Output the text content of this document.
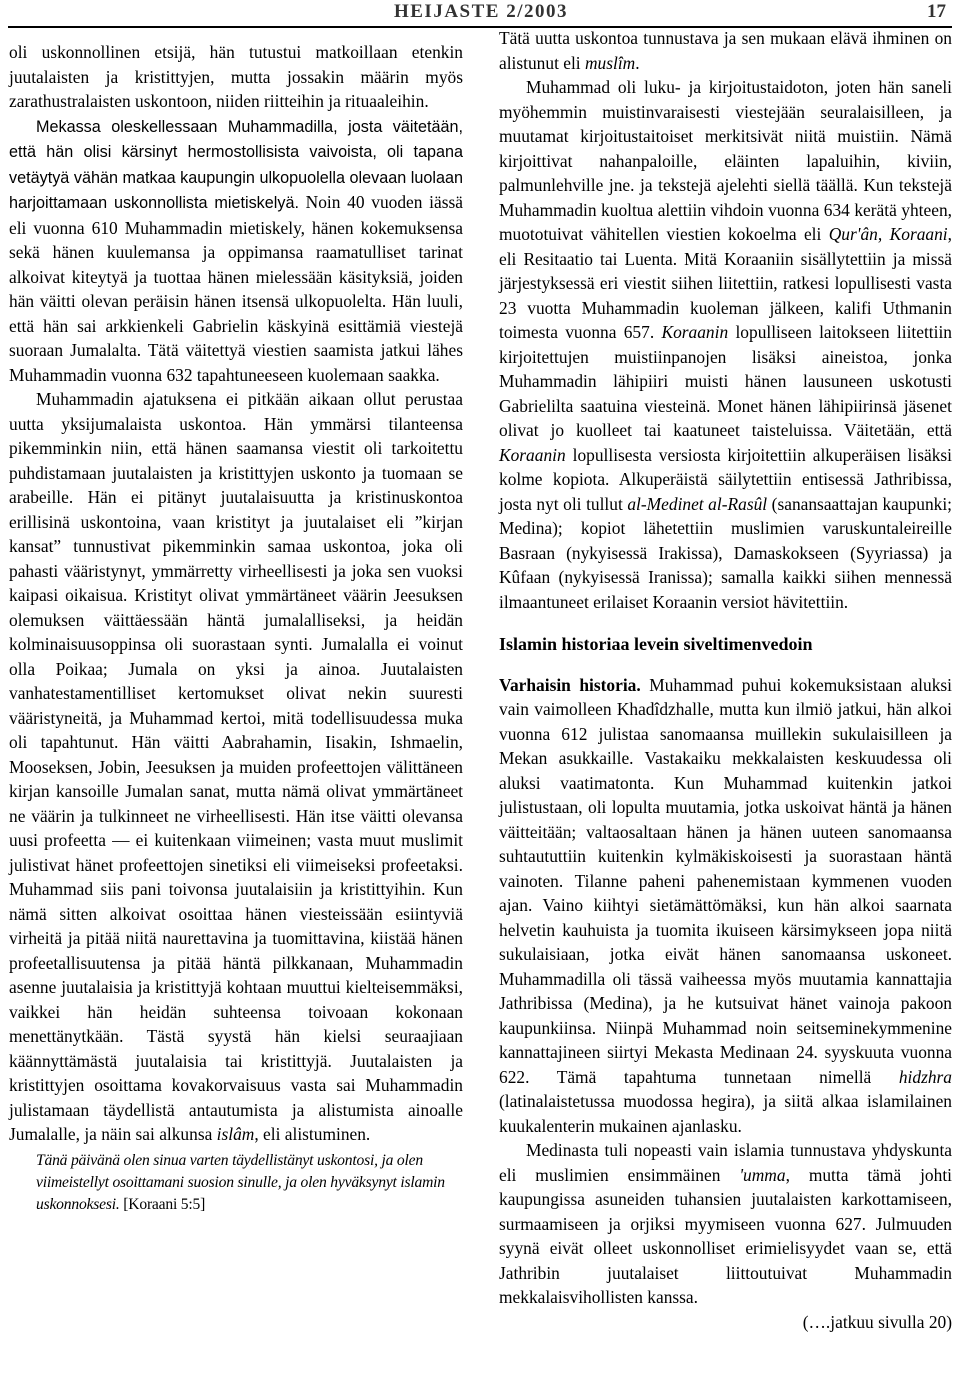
HEIJASTE 2/2003	17

oli uskonnollinen etsijä, hän tutustui matkoillaan etenkin juutalaisten ja kristittyjen, mutta jossakin määrin myös zarathustralaisten uskontoon, niiden riitteihin ja rituaaleihin.

Mekassa oleskellessaan Muhammadilla, josta väitetään, että hän olisi kärsinyt hermostollisista vaivoista, oli tapana vetäytyä vähän matkaa kaupungin ulkopuolella olevaan luolaan harjoittamaan uskonnollista mietiskelyä. Noin 40 vuoden iässä eli vuonna 610 Muhammadin mietiskely, hänen kokemuksensa sekä hänen kuulemansa ja oppimansa raamatulliset tarinat alkoivat kiteytyä ja tuottaa hänen mielessään käsityksiä, joiden hän väitti olevan peräisin hänen itsensä ulkopuolelta. Hän luuli, että hän sai arkkienkeli Gabrielin käskyinä esittämiä viestejä suoraan Jumalalta. Tätä väitettyä viestien saamista jatkui lähes Muhammadin vuonna 632 tapahtuneeseen kuolemaan saakka.

Muhammadin ajatuksena ei pitkään aikaan ollut perustaa uutta yksijumalaista uskontoa. Hän ymmärsi tilanteensa pikemminkin niin, että hänen saamansa viestit oli tarkoitettu puhdistamaan juutalaisten ja kristittyjen uskonto ja tuomaan se arabeille. Hän ei pitänyt juutalaisuutta ja kristinuskontoa erillisinä uskontoina, vaan kristityt ja juutalaiset eli ”kirjan kansat” tunnustivat pikemminkin samaa uskontoa, joka oli pahasti vääristynyt, ymmärretty virheellisesti ja joka sen vuoksi kaipasi oikaisua. Kristityt olivat ymmärtäneet väärin Jeesuksen olemuksen väittäessään häntä jumalalliseksi, ja heidän kolminaisuusoppinsa oli suorastaan synti. Jumalalla ei voinut olla Poikaa; Jumala on yksi ja ainoa. Juutalaisten vanhatestamentilliset kertomukset olivat nekin suuresti vääristyneitä, ja Muhammad kertoi, mitä todellisuudessa muka oli tapahtunut. Hän väitti Aabrahamin, Iisakin, Ishmaelin, Mooseksen, Jobin, Jeesuksen ja muiden profeettojen välittäneen kirjan kansoille Jumalan sanat, mutta nämä olivat ymmärtäneet ne väärin ja tulkinneet ne virheellisesti. Hän itse väitti olevansa uusi profeetta — ei kuitenkaan viimeinen; vasta muut muslimit julistivat hänet profeettojen sinetiksi eli viimeiseksi profeetaksi. Muhammad siis pani toivonsa juutalaisiin ja kristittyihin. Kun nämä sitten alkoivat osoittaa hänen viesteissään esiintyviä virheitä ja pitää niitä naurettavina ja tuomittavina, kiistää hänen profeetallisuutensa ja pitää häntä pilkkanaan, Muhammadin asenne juutalaisia ja kristittyjä kohtaan muuttui kielteisemmäksi, vaikkei hän heidän suhteensa toivoaan kokonaan menettänytkään. Tästä syystä hän kielsi seuraajiaan käännyttämästä juutalaisia tai kristittyjä. Juutalaisten ja kristittyjen osoittama kovakorvaisuus vasta sai Muhammadin julistamaan täydellistä antautumista ja alistumista ainoalle Jumalalle, ja näin sai alkunsa islâm, eli alistuminen.

Tänä päivänä olen sinua varten täydellistänyt uskontosi, ja olen viimeistellyt osoittamani suosion sinulle, ja olen hyväksynyt islamin uskonnoksesi. [Koraani 5:5]

Tätä uutta uskontoa tunnustava ja sen mukaan elävä ihminen on alistunut eli muslîm.

Muhammad oli luku- ja kirjoitustaidoton, joten hän saneli myöhemmin muistinvaraisesti viestejään seuralaisilleen, ja muutamat kirjoitustaitoiset merkitsivät niitä muistiin. Nämä kirjoittivat nahanpaloille, eläinten lapaluihin, kiviin, palmunlehville jne. ja tekstejä ajelehti siellä täällä. Kun tekstejä Muhammadin kuoltua alettiin vihdoin vuonna 634 kerätä yhteen, muototuivat vähitellen viestien kokoelma eli Qur'ân, Koraani, eli Resitaatio tai Luenta. Mitä Koraaniin sisällytettiin ja missä järjestyksessä eri viestit siihen liitettiin, ratkesi lopullisesti vasta 23 vuotta Muhammadin kuoleman jälkeen, kalifi Uthmanin toimesta vuonna 657. Koraanin lopulliseen laitokseen liitettiin kirjoitettujen muistiinpanojen lisäksi aineistoa, jonka Muhammadin lähipiiri muisti hänen lausuneen uskotusti Gabrielilta saatuina viesteinä. Monet hänen lähipiirinsä jäsenet olivat jo kuolleet tai kaatuneet taisteluissa. Väitetään, että Koraanin lopullisesta versiosta kirjoitettiin alkuperäisen lisäksi kolme kopiota. Alkuperäistä säilytettiin entisessä Jathribissa, josta nyt oli tullut al-Medinet al-Rasûl (sanansaattajan kaupunki; Medina); kopiot lähetettiin muslimien varuskuntaleireille Basraan (nykyisessä Irakissa), Damaskokseen (Syyriassa) ja Kûfaan (nykyisessä Iranissa); samalla kaikki siihen mennessä ilmaantuneet erilaiset Koraanin versiot hävitettiin.

Islamin historiaa levein siveltimenvedoin

Varhaisin historia. Muhammad puhui kokemuksistaan aluksi vain vaimolleen Khadîdzhalle, mutta kun ilmiö jatkui, hän alkoi vuonna 612 julistaa sanomaansa muillekin sukulaisilleen ja Mekan asukkaille. Vastakaiku mekkalaisten keskuudessa oli aluksi vaatimatonta. Kun Muhammad kuitenkin jatkoi julistustaan, oli lopulta muutamia, jotka uskoivat häntä ja hänen väitteitään; valtaosaltaan hänen ja hänen uuteen sanomaansa suhtaututtiin kuitenkin kylmäkiskoisesti ja suorastaan häntä vainoten. Tilanne paheni pahenemistaan kymmenen vuoden ajan. Vaino kiihtyi sietämättömäksi, kun hän alkoi saarnata helvetin kauhuista ja tuomita ikuiseen kärsimykseen jopa niitä sukulaisiaan, jotka eivät hänen sanomaansa uskoneet. Muhammadilla oli tässä vaiheessa myös muutamia kannattajia Jathribissa (Medina), ja he kutsuivat hänet vainoja pakoon kaupunkiinsa. Niinpä Muhammad noin seitseminekymmenine kannattajineen siirtyi Mekasta Medinaan 24. syyskuuta vuonna 622. Tämä tapahtuma tunnetaan nimellä hidzhra (latinalaistetussa muodossa hegira), ja siitä alkaa islamilainen kuukalenterin mukainen ajanlasku.

Medinasta tuli nopeasti vain islamia tunnustava yhdyskunta eli muslimien ensimmäinen 'umma, mutta tämä johti kaupungissa asuneiden tuhansien juutalaisten karkottamiseen, surmaamiseen ja orjiksi myymiseen vuonna 627. Julmuuden syynä eivät olleet uskonnolliset erimielisyydet vaan se, että Jathribin juutalaiset liittoutuivat Muhammadin mekkalaisvihollisten kanssa.

(….jatkuu sivulla 20)
